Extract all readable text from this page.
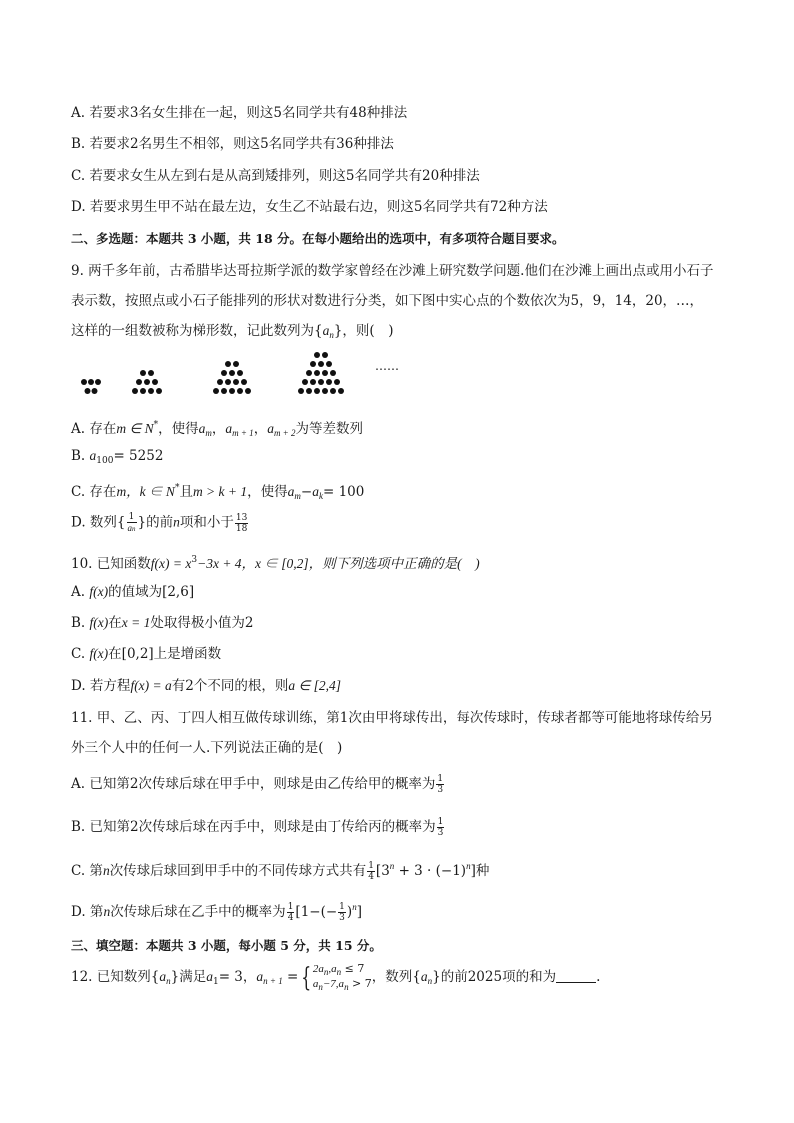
A. 若要求3名女生排在一起，则这5名同学共有48种排法
B. 若要求2名男生不相邻，则这5名同学共有36种排法
C. 若要求女生从左到右是从高到矮排列，则这5名同学共有20种排法
D. 若要求男生甲不站在最左边，女生乙不站最右边，则这5名同学共有72种方法
二、多选题：本题共 3 小题，共 18 分。在每小题给出的选项中，有多项符合题目要求。
9. 两千多年前，古希腊毕达哥拉斯学派的数学家曾经在沙滩上研究数学问题.他们在沙滩上画出点或用小石子表示数，按照点或小石子能排列的形状对数进行分类，如下图中实心点的个数依次为5，9，14，20，…，这样的一组数被称为梯形数，记此数列为$\{a_n\}$，则(　)
……
A. 存在m ∈ N*，使得$a_m$，$a_{m + 1}$，$a_{m + 2}$为等差数列
B. $a_{100}= 5252$
C. 存在m，k ∈ N*且m > k + 1，使得$a_m-a_k= 100$
D. 数列{ $\frac{1}{an}$ }的前n项和小于 $\frac{13}{18}$
10. 已知函数$f(x) = x^3-3x + 4$，x ∈ [0,2]，则下列选项中正确的是(　)
A. f(x)的值域为[2,6]
B. f(x)在x = 1处取得极小值为2
C. f(x)在[0,2]上是增函数
D. 若方程f(x) = a有2个不同的根，则a ∈ [2,4]
11. 甲、乙、丙、丁四人相互做传球训练，第1次由甲将球传出，每次传球时，传球者都等可能地将球传给另外三个人中的任何一人.下列说法正确的是(　)
A. 已知第2次传球后球在甲手中，则球是由乙传给甲的概率为 $\frac{1}{3}$
B. 已知第2次传球后球在丙手中，则球是由丁传给丙的概率为 $\frac{1}{3}$
C. 第n次传球后球回到甲手中的不同传球方式共有 $\frac{1}{4} [3^n + 3 \cdot (-1)^n]$种
D. 第n次传球后球在乙手中的概率为 $\frac{1}{4} [1-(- \frac{1}{3} )^n]$
三、填空题：本题共 3 小题，每小题 5 分，共 15 分。
12. 已知数列$\{a_n\}$满足$a_1= 3$，$a_{n + 1}$ = { $2a_n,a_n \le 7$
$a_n-7,a_n > 7$ ，数列$\{a_n\}$的前2025项的和为	.
